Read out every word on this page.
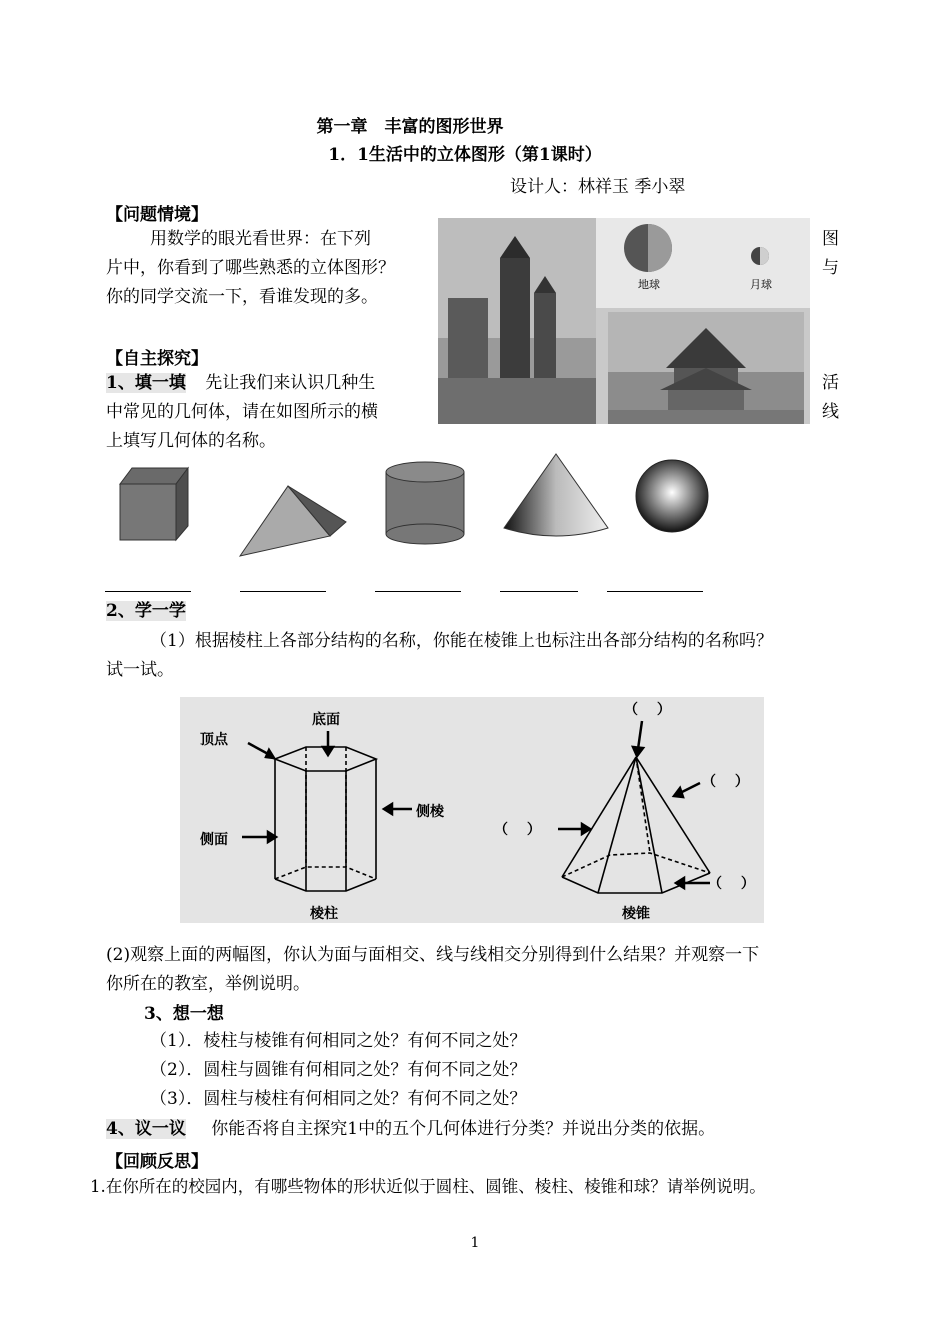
第一章　丰富的图形世界
1．1生活中的立体图形（第1课时）
设计人：林祥玉 季小翠
【问题情境】
用数学的眼光看世界：在下列	图
片中，你看到了哪些熟悉的立体图形？	与
你的同学交流一下，看谁发现的多。
地球	月球
【自主探究】
1、填一填 先让我们来认识几种生	活
中常见的几何体，请在如图所示的横	线
上填写几何体的名称。
2、学一学
（1）根据棱柱上各部分结构的名称，你能在棱锥上也标注出各部分结构的名称吗？
试一试。
底面
顶点
侧棱
侧面
棱柱	棱锥
（　 ）
（　 ）
（　 ）
（　 ）
(2)观察上面的两幅图，你认为面与面相交、线与线相交分别得到什么结果？并观察一下
你所在的教室，举例说明。
3、想一想
（1）．棱柱与棱锥有何相同之处？有何不同之处？
（2）．圆柱与圆锥有何相同之处？有何不同之处？
（3）．圆柱与棱柱有何相同之处？有何不同之处？
4、议一议 你能否将自主探究1中的五个几何体进行分类？并说出分类的依据。
【回顾反思】
1.在你所在的校园内，有哪些物体的形状近似于圆柱、圆锥、棱柱、棱锥和球？请举例说明。
1
